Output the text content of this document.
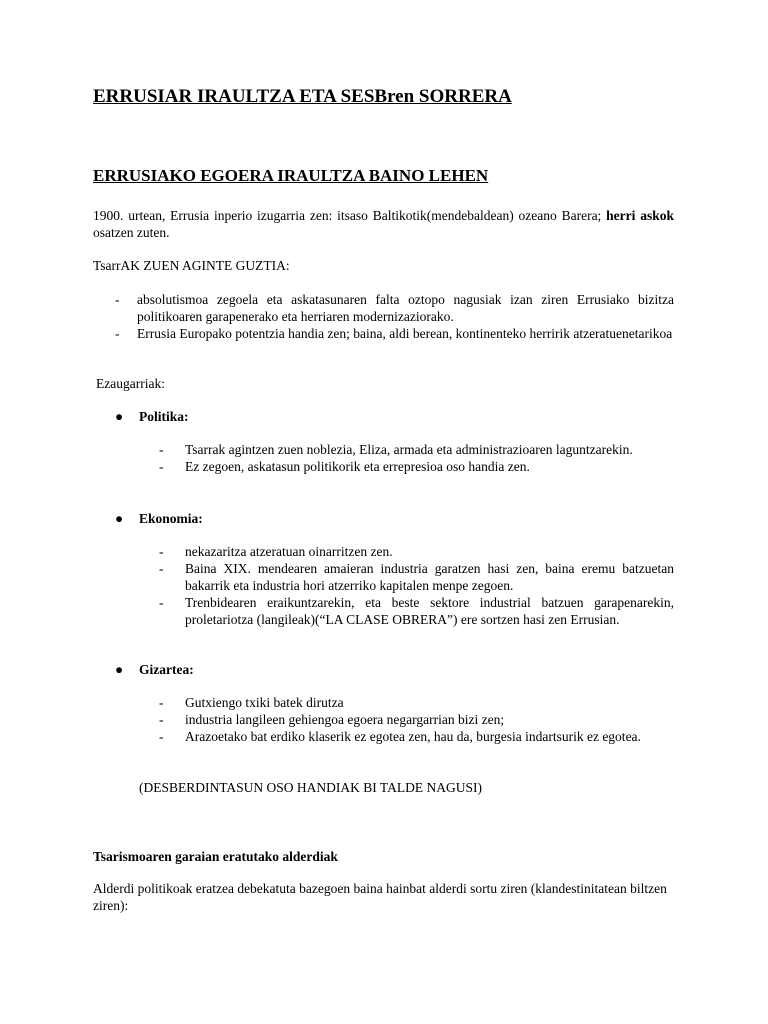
ERRUSIAR IRAULTZA ETA SESBren SORRERA
ERRUSIAKO EGOERA IRAULTZA BAINO LEHEN

1900. urtean, Errusia inperio izugarria zen: itsaso Baltikotik(mendebaldean) ozeano Barera; herri askok osatzen zuten.

TsarrAK ZUEN AGINTE GUZTIA:

- absolutismoa zegoela eta askatasunaren falta oztopo nagusiak izan ziren Errusiako bizitza politikoaren garapenerako eta herriaren modernizaziorako.
- Errusia Europako potentzia handia zen; baina, aldi berean, kontinenteko herririk atzeratuenetarikoa

Ezaugarriak:

● Politika:
- Tsarrak agintzen zuen noblezia, Eliza, armada eta administrazioaren laguntzarekin.
- Ez zegoen, askatasun politikorik eta errepresioa oso handia zen.
● Ekonomia:
- nekazaritza atzeratuan oinarritzen zen.
- Baina XIX. mendearen amaieran industria garatzen hasi zen, baina eremu batzuetan bakarrik eta industria hori atzerriko kapitalen menpe zegoen.
- Trenbidearen eraikuntzarekin, eta beste sektore industrial batzuen garapenarekin, proletariotza (langileak)(“LA CLASE OBRERA”) ere sortzen hasi zen Errusian.
● Gizartea:
- Gutxiengo txiki batek dirutza
- industria langileen gehiengoa egoera negargarrian bizi zen;
- Arazoetako bat erdiko klaserik ez egotea zen, hau da, burgesia indartsurik ez egotea.

(DESBERDINTASUN OSO HANDIAK BI TALDE NAGUSI)

Tsarismoaren garaian eratutako alderdiak

Alderdi politikoak eratzea debekatuta bazegoen baina hainbat alderdi sortu ziren (klandestinitatean biltzen ziren):
